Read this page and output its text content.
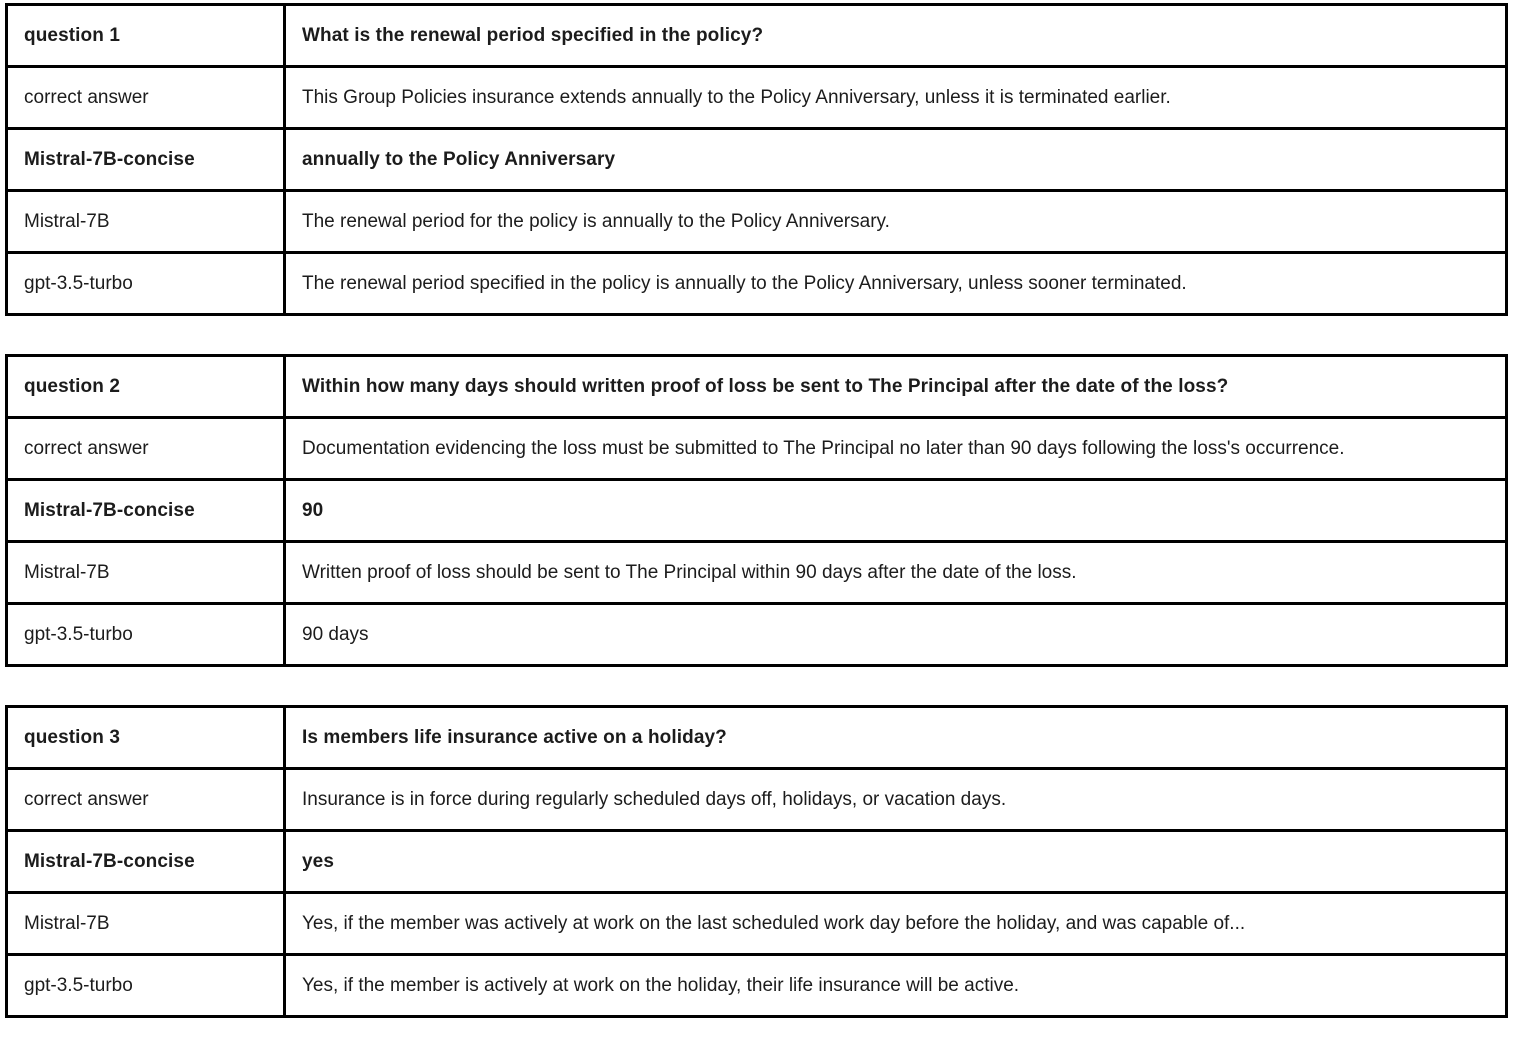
question 1	What is the renewal period specified in the policy?
correct answer	This Group Policies insurance extends annually to the Policy Anniversary, unless it is terminated earlier.
Mistral-7B-concise	annually to the Policy Anniversary
Mistral-7B	The renewal period for the policy is annually to the Policy Anniversary.
gpt-3.5-turbo	The renewal period specified in the policy is annually to the Policy Anniversary, unless sooner terminated.
question 2	Within how many days should written proof of loss be sent to The Principal after the date of the loss?
correct answer	Documentation evidencing the loss must be submitted to The Principal no later than 90 days following the loss's occurrence.
Mistral-7B-concise	90
Mistral-7B	Written proof of loss should be sent to The Principal within 90 days after the date of the loss.
gpt-3.5-turbo	90 days
question 3	Is members life insurance active on a holiday?
correct answer	Insurance is in force during regularly scheduled days off, holidays, or vacation days.
Mistral-7B-concise	yes
Mistral-7B	Yes, if the member was actively at work on the last scheduled work day before the holiday, and was capable of...
gpt-3.5-turbo	Yes, if the member is actively at work on the holiday, their life insurance will be active.
